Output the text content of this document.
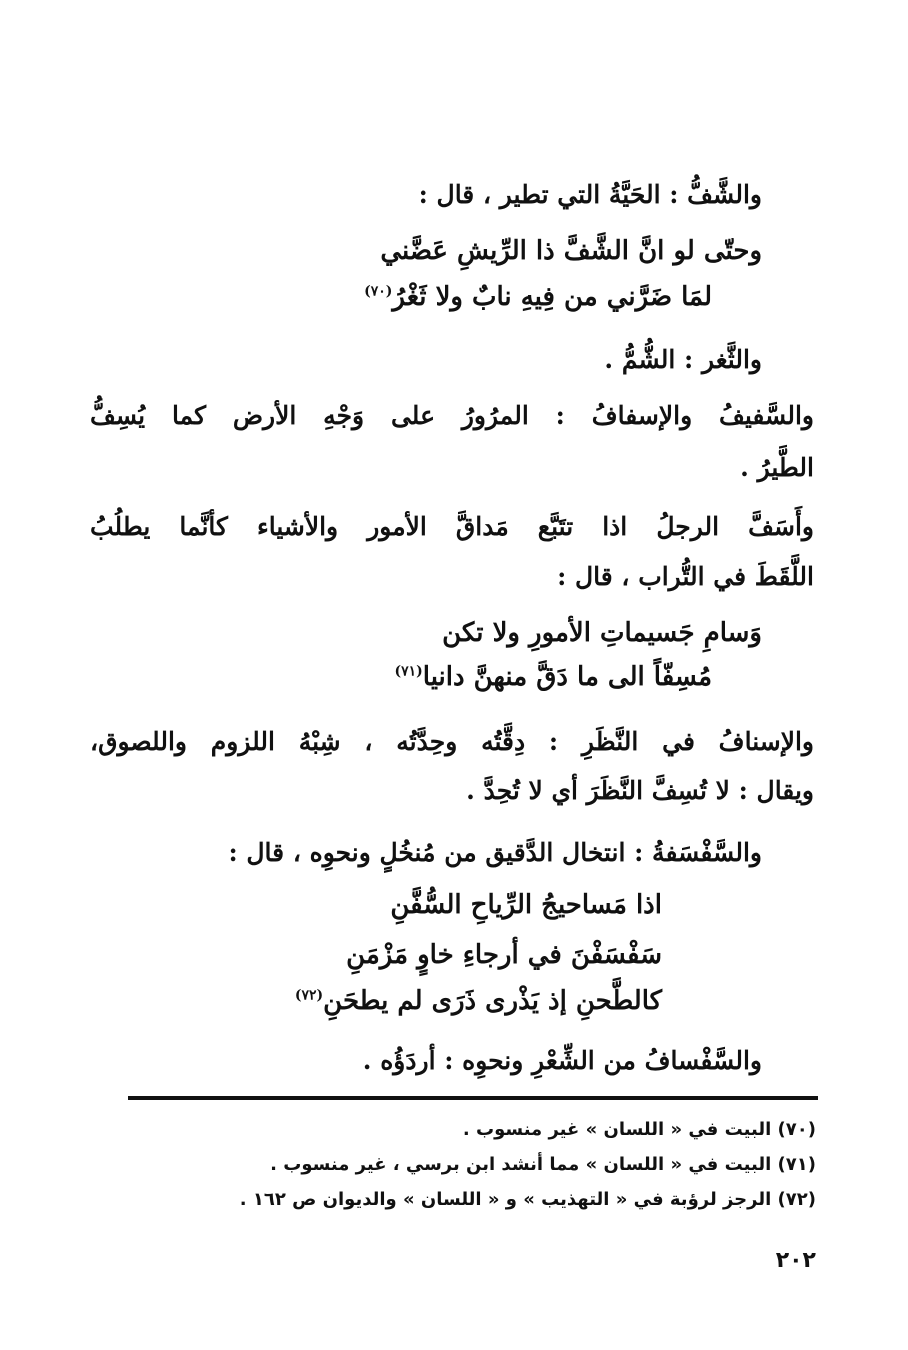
والشَّفُّ : الحَيَّةُ التي تطير ، قال :
وحتّى لو انَّ الشَّفَّ ذا الرِّيشِ عَضَّني
لمَا ضَرَّني من فِيهِ نابٌ ولا ثَغْرُ$^{(٧٠)}$
والثَّغر : الشُّمُّ .
والسَّفيفُ والإسفافُ : المرُورُ على وَجْهِ الأرض كما يُسِفُّ
الطَّيرُ .
وأَسَفَّ الرجلُ اذا تتَبَّع مَداقَّ الأمور والأشياء كأنَّما يطلُبُ
اللَّقَطَ في التُّراب ، قال :
وَسامِ جَسيماتِ الأمورِ ولا تكن
مُسِفّاً الى ما دَقَّ منهنَّ دانيا$^{(٧١)}$
والإسنافُ في النَّظَرِ : دِقَّتُه وحِدَّتُه ، شِبْهُ اللزوم واللصوق،
ويقال : لا تُسِفَّ النَّظَرَ أي لا تُحِدَّ .
والسَّفْسَفةُ : انتخال الدَّقيق من مُنخُلٍ ونحوِه ، قال :
اذا مَساحيجُ الرِّياحِ السُّفَّنِ
سَفْسَفْنَ في أرجاءِ خاوٍ مَزْمَنِ
كالطَّحنِ إذ يَذْرى ذَرَى لم يطحَنِ$^{(٧٢)}$
والسَّفْسافُ من الشِّعْرِ ونحوِه : أردَؤُه .
(٧٠) البيت في « اللسان » غير منسوب .
(٧١) البيت في « اللسان » مما أنشد ابن برسي ، غير منسوب .
(٧٢) الرجز لرؤبة في « التهذيب » و « اللسان » والديوان ص ١٦٢ .
٢٠٢
